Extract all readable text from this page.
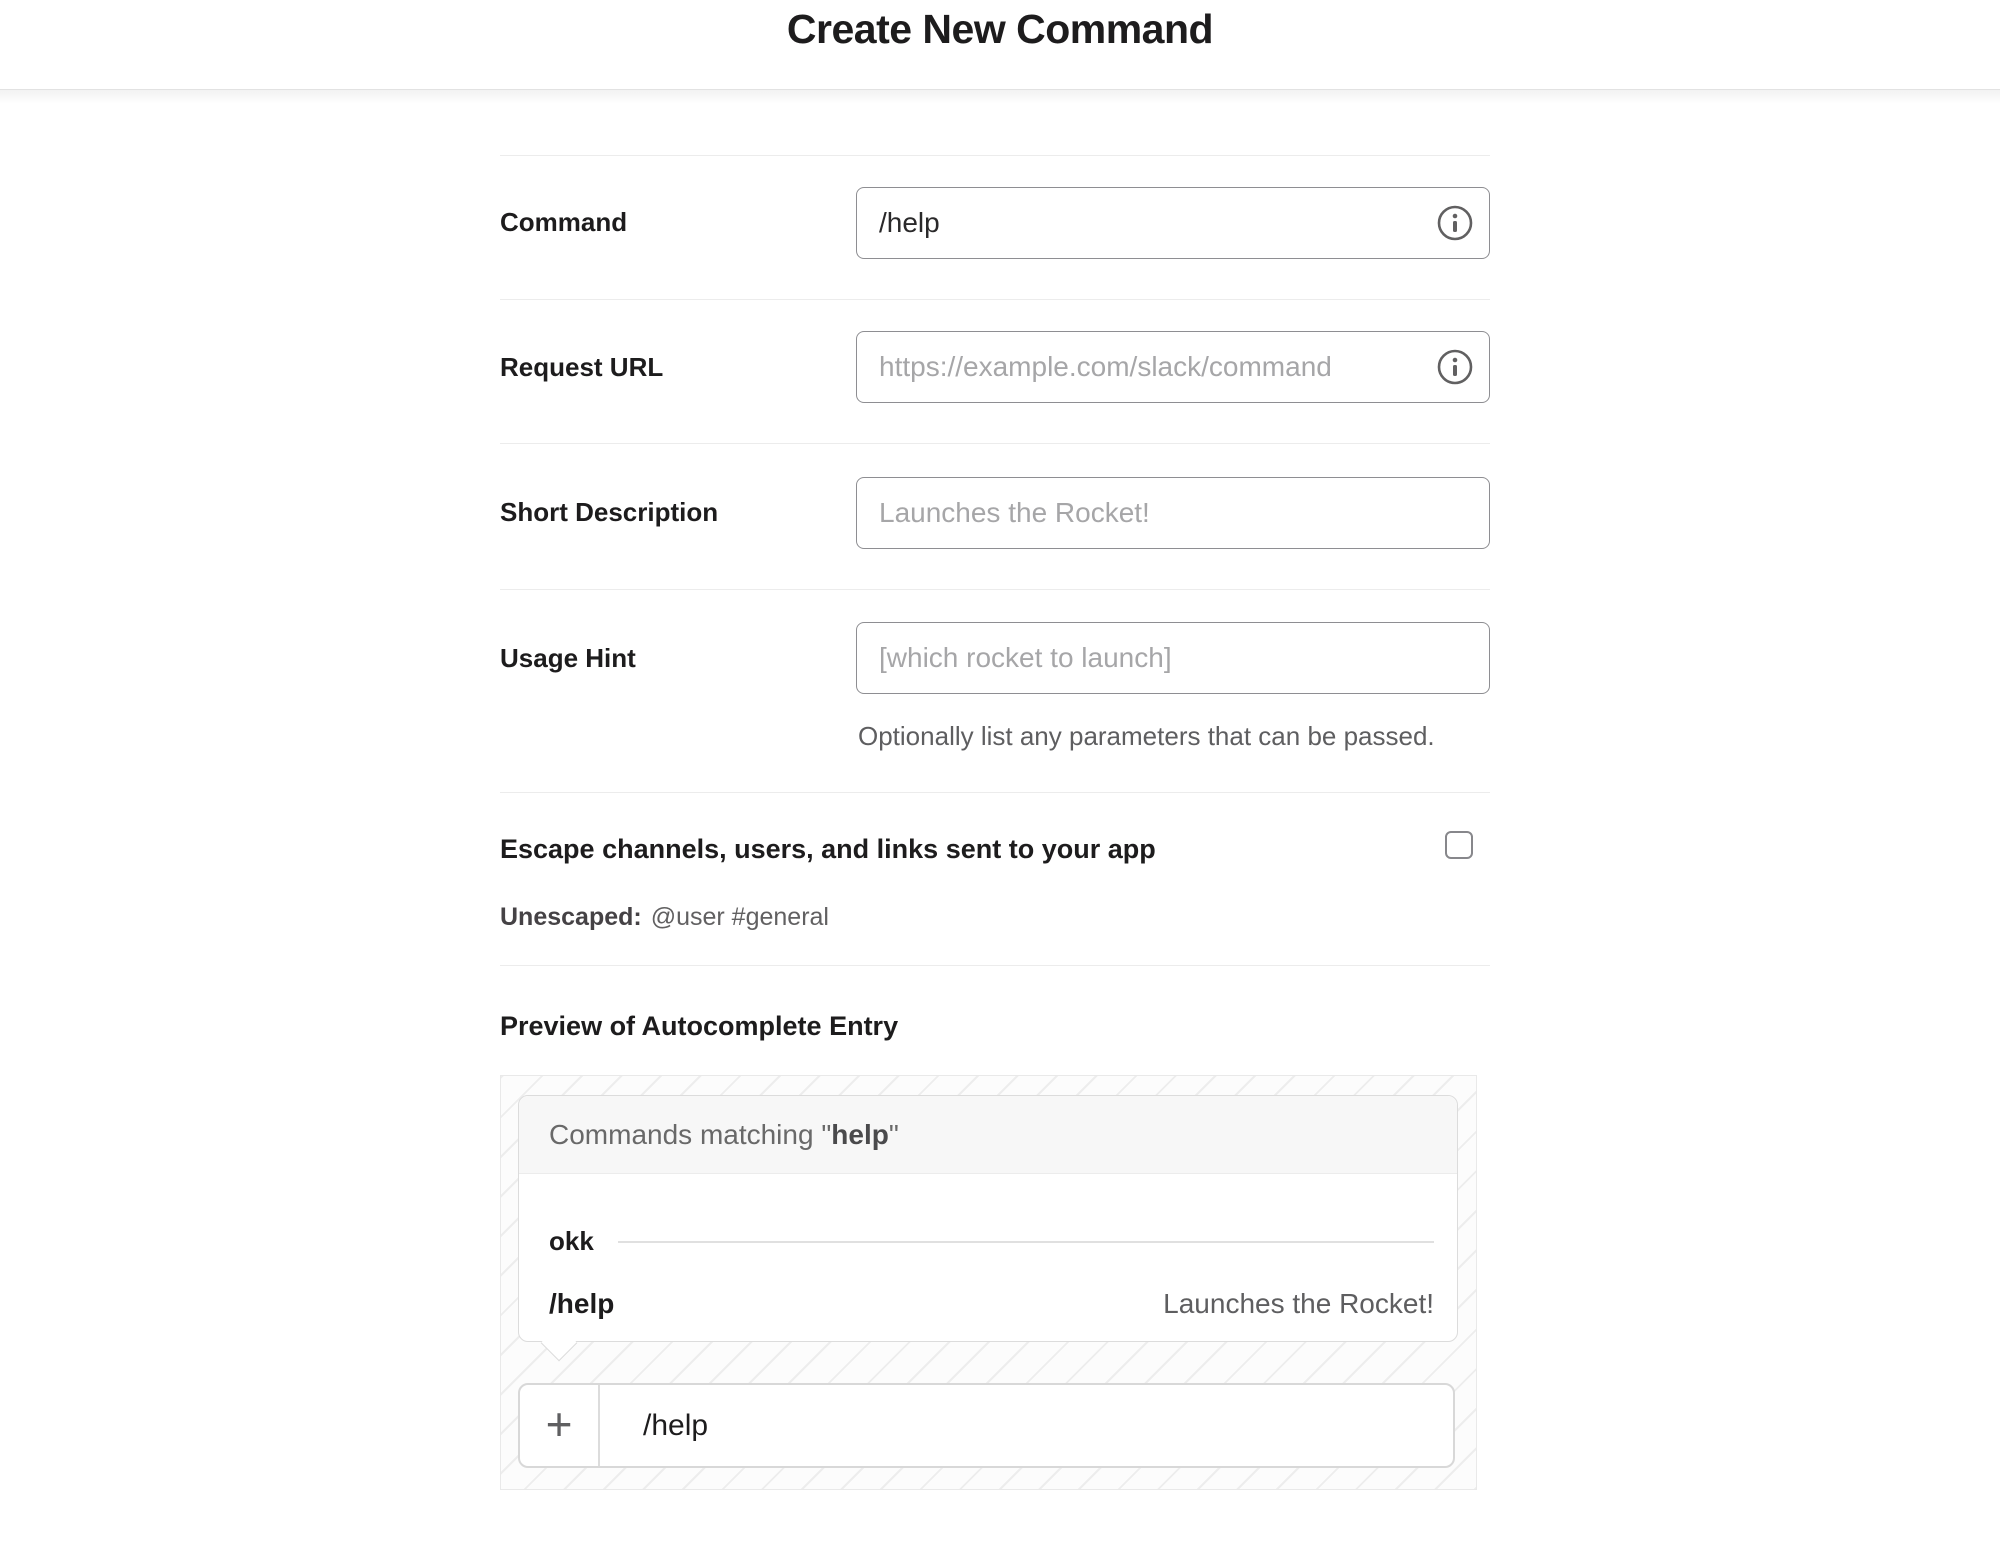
Create New Command
Command
/help
Request URL
https://example.com/slack/command
Short Description
Launches the Rocket!
Usage Hint
[which rocket to launch]
Optionally list any parameters that can be passed.
Escape channels, users, and links sent to your app
Unescaped: @user #general
Preview of Autocomplete Entry
Commands matching " help "
okk
/help	Launches the Rocket!
+	/help
